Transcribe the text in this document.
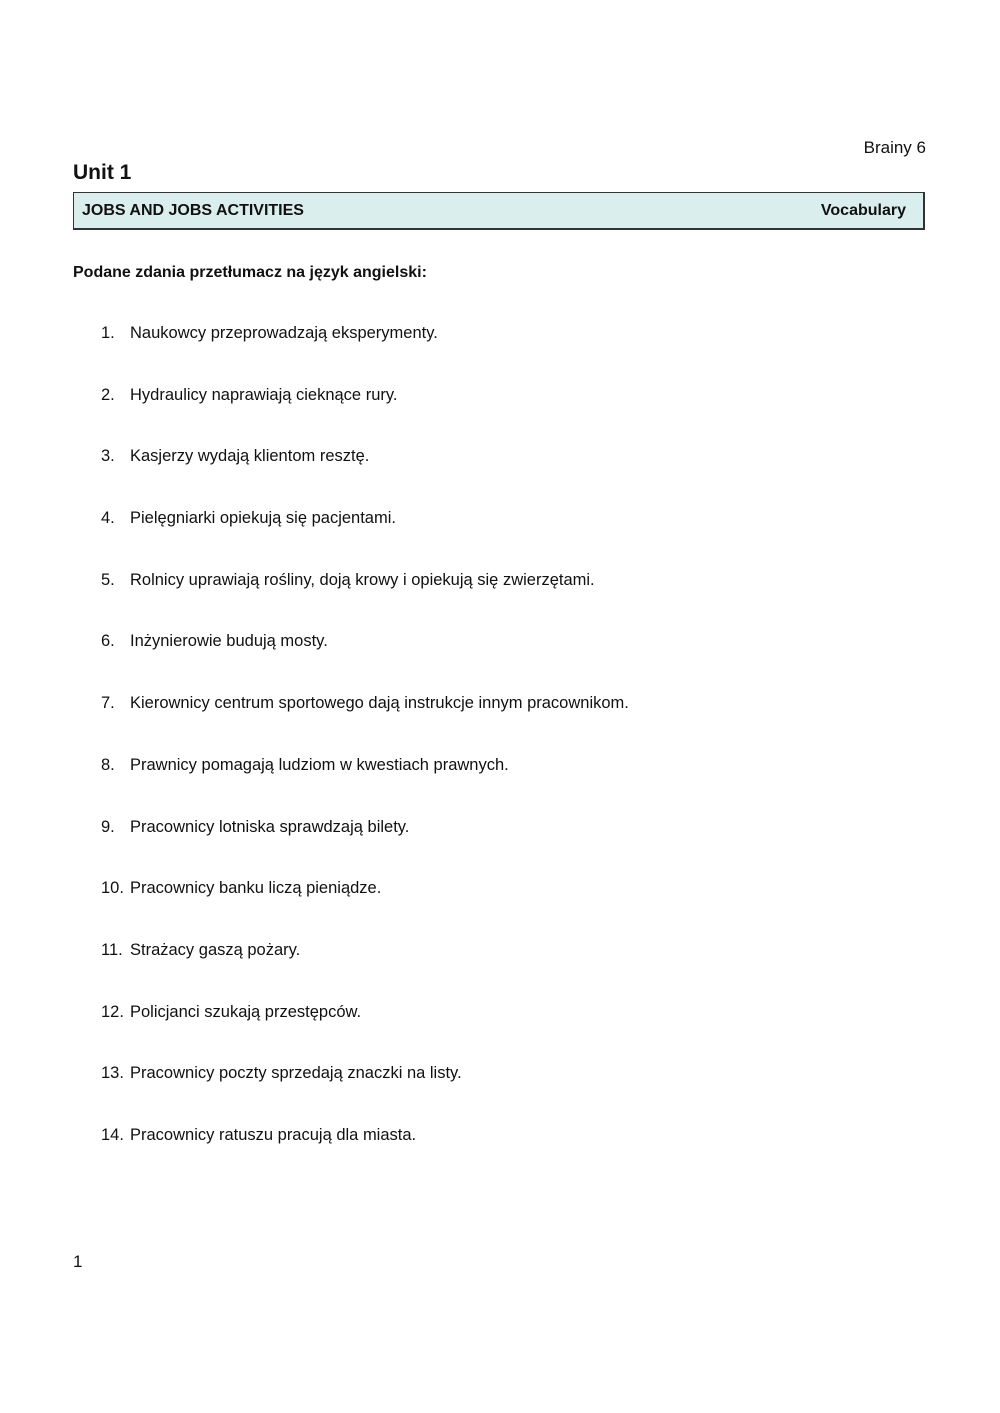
Brainy 6
Unit 1
JOBS AND JOBS ACTIVITIES	Vocabulary
Podane zdania przetłumacz na język angielski:
1. Naukowcy przeprowadzają eksperymenty.
2. Hydraulicy naprawiają cieknące rury.
3. Kasjerzy wydają klientom resztę.
4. Pielęgniarki opiekują się pacjentami.
5. Rolnicy uprawiają rośliny, doją krowy i opiekują się zwierzętami.
6. Inżynierowie budują mosty.
7. Kierownicy centrum sportowego dają instrukcje innym pracownikom.
8. Prawnicy pomagają ludziom w kwestiach prawnych.
9. Pracownicy lotniska sprawdzają bilety.
10. Pracownicy banku liczą pieniądze.
11. Strażacy gaszą pożary.
12. Policjanci szukają przestępców.
13. Pracownicy poczty sprzedają znaczki na listy.
14. Pracownicy ratuszu pracują dla miasta.
1
